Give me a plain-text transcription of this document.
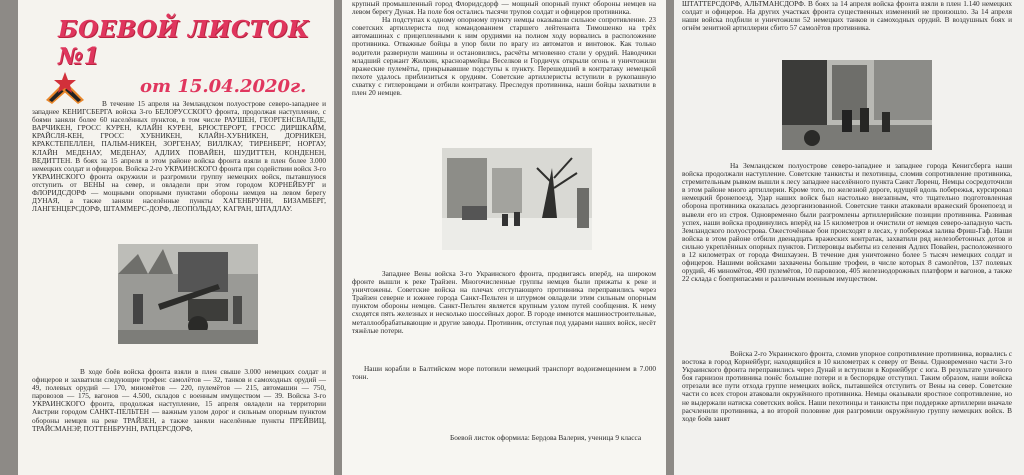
БОЕВОЙ ЛИСТОК №1
от 15.04.2020г.

В течение 15 апреля на Земландском полуострове северо-западнее и западнее КЕНИГСБЕРГА войска 3-го БЕЛОРУССКОГО фронта, продолжая наступление, с боями заняли более 60 населённых пунктов, в том числе РАУШЕН, ГЕОРГЕНСВАЛЬДЕ, ВАРЧИКЕН, ГРОСС КУРЕН, КЛАЙН КУРЕН, БРЮСТЕРОРТ, ГРОСС ДИРШКАЙМ, КРАЙСЛЯ-КЕН, ГРОСС ХУБНИКЕН, КЛАЙН-ХУБНИКЕН, ДОРНИКЕН, КРАКСТЕПЕЛЛЕН, ПАЛЬМ-НИКЕН, ЗОРГЕНАУ, ВИЛЛКАУ, ТИРЕНБЕРГ, НОРГАУ, КЛАЙН МЕДЕНАУ, МЕДЕНАУ, АДЛИХ ПОВАЙЕН, ШУДИТТЕН, КОНДЕНЕН, ВЕДИТТЕН. В боях за 15 апреля в этом районе войска фронта взяли в плен более 3.000 немецких солдат и офицеров. Войска 2-го УКРАИНСКОГО фронта при содействии войск 3-го УКРАИНСКОГО фронта окружили и разгромили группу немецких войск, пытавшуюся отступить от ВЕНЫ на север, и овладели при этом городом КОРНЕЙБУРГ и ФЛОРИДСДОРФ — мощными опорными пунктами обороны немцев на левом берегу ДУНАЯ, а также заняли населённые пункты ХАГЕНБРУНН, БИЗАМБЕРГ, ЛАНГЕНЦЕРСДОРФ, ШТАММЕРС-ДОРФ, ЛЕОПОЛЬДАУ, КАГРАН, ШТАДЛАУ.

В ходе боёв войска фронта взяли в плен свыше 3.000 немецких солдат и офицеров и захватили следующие трофеи: самолётов — 32, танков и самоходных орудий — 49, полевых орудий — 170, миномётов — 220, пулемётов — 215, автомашин — 750, паровозов — 175, вагонов — 4.500, складов с военным имуществом — 39. Войска 3-го УКРАИНСКОГО фронта, продолжая наступление, 15 апреля овладели на территории Австрии городом САНКТ-ПЕЛЬТЕН — важным узлом дорог и сильным опорным пунктом обороны немцев на реке ТРАЙЗЕН, а также заняли населённые пункты ПРЕЙВИЦ, ТРАЙСМАНЭР, ПОТТЕНБРУНН, РАТЦЕРСДОРФ,

крупный промышленный город Флоридсдорф — мощный опорный пункт обороны немцев на левом берегу Дуная. На поле боя остались тысячи трупов солдат и офицеров противника.

На подступах к одному опорному пункту немцы оказывали сильное сопротивление. 23 советских артиллериста под командованием старшего лейтенанта Тимошенко на трёх автомашинах с прицепленными к ним орудиями на полном ходу ворвались в расположение противника. Отважные бойцы в упор били по врагу из автоматов и винтовок. Как только водители развернули машины и остановились, расчёты мгновенно стали у орудий. Наводчики младший сержант Жилкин, красноармейцы Веселков и Гордичук открыли огонь и уничтожили вражеские пулемёты, прикрывавшие подступы к пункту. Перешедший в контратаку немецкой пехоте удалось приблизиться к орудиям. Советские артиллеристы вступили в рукопашную схватку с гитлеровцами и отбили контратаку. Преследуя противника, наши бойцы захватили в плен 20 немцев.

Западнее Вены войска 3-го Украинского фронта, продвигаясь вперёд, на широком фронте вышли к реке Трайзен. Многочисленные группы немцев были прижаты к реке и уничтожены. Советские войска на плечах отступающего противника переправились через Трайзен северне и южнее города Санкт-Пельтен и штурмом овладели этим сильным опорным пунктом обороны немцев. Санкт-Пельтен является крупным узлом путей сообщения. К нему сходятся пять железных и несколько шоссейных дорог. В городе имеются машиностроительные, металлообрабатывающие и другие заводы. Противник, отступая под ударами наших войск, несёт тяжёлые потери.

Наши корабли в Балтийском море потопили немецкий транспорт водоизмещением в 7.000 тонн.

Боевой листок оформила: Бердова Валерия, ученица 9 класса

ШТАТТЕРСДОРФ, АЛЬТМАНСДОРФ. В боях за 14 апреля войска фронта взяли в плен 1.140 немецких солдат и офицеров. На других участках фронта существенных изменений не произошло. За 14 апреля наши войска подбили и уничтожили 52 немецких танков и самоходных орудий. В воздушных боях и огнём зенитной артиллерии сбито 57 самолётов противника.

На Земландском полуострове северо-западнее и западнее города Кенигсберга наши войска продолжали наступление. Советские танкисты и пехотинцы, сломив сопротивление противника, стремительным рывком вышли к лесу западнее населённого пункта Санкт Лоренц. Немцы сосредоточили в этом районе много артиллерии. Кроме того, по железной дороге, идущей вдоль побережья, курсировал немецкий бронепоезд. Удар наших войск был настолько внезапным, что тщательно подготовленная оборона противника оказалась дезорганизованной. Советские танки атаковали вражеский бронепоезд и вывели его из строя. Одновременно были разгромлены артиллерийские позиции противника. Развивая успех, наши войска продвинулись вперёд на 15 километров и очистили от немцев северо-западную часть Земландского полуострова. Ожесточённые бои происходят в лесах, у побережья залива Фриш-Гаф. Наши войска в этом районе отбили двенадцать вражеских контратак, захватили ряд железобетонных дотов и сильно укреплённых опорных пунктов. Гитлеровцы выбиты из селения Адлих Повайен, расположенного в 12 километрах от города Фишхаузен. В течение дня уничтожено более 5 тысяч немецких солдат и офицеров. Нашими войсками захвачены большие трофеи, в числе которых 8 самолётов, 137 полевых орудий, 46 миномётов, 490 пулемётов, 10 паровозов, 405 железнодорожных платформ и вагонов, а также 22 склада с боеприпасами и различным военным имуществом.

Войска 2-го Украинского фронта, сломив упорное сопротивление противника, ворвались с востока в город Корнейбург, находящийся в 10 километрах к северу от Вены. Одновременно части 3-го Украинского фронта переправились через Дунай и вступили в Корнейбург с юга. В результате уличного боя гарнизон противника понёс большие потери и в беспорядке отступил. Таким образом, наши войска отрезали все пути отхода группе немецких войск, пытавшейся отступить от Вены на север. Советские части со всех сторон атаковали окружённого противника. Немцы оказывали яростное сопротивление, но не выдержали натиска советских войск. Наши пехотинцы и танкисты при поддержке артиллерии вначале расчленили противника, а во второй половине дня разгромили окружённую группу немецких войск. В ходе боёв занят
